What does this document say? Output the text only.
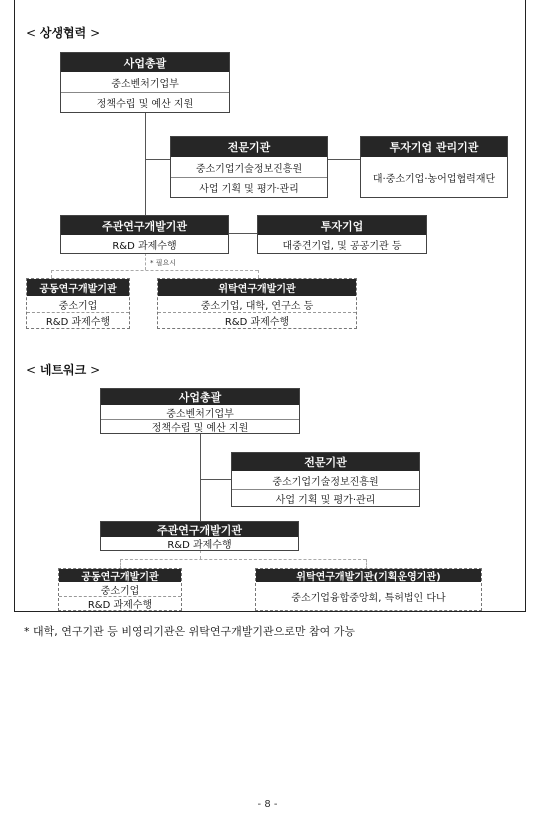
< 상생협력 >
* 필요시
사업총괄
중소벤처기업부
정책수립 및 예산 지원
전문기관
중소기업기술정보진흥원
사업 기획 및 평가·관리
투자기업 관리기관
대·중소기업·농어업협력재단
주관연구개발기관
R&D 과제수행
투자기업
대중견기업, 및 공공기관 등
공동연구개발기관
중소기업
R&D 과제수행
위탁연구개발기관
중소기업, 대학, 연구소 등
R&D 과제수행
< 네트워크 >
사업총괄
중소벤처기업부
정책수립 및 예산 지원
전문기관
중소기업기술정보진흥원
사업 기획 및 평가·관리
주관연구개발기관
R&D 과제수행
공동연구개발기관
중소기업
R&D 과제수행
위탁연구개발기관(기획운영기관)
중소기업융합중앙회, 특허법인 다나
* 대학, 연구기관 등 비영리기관은 위탁연구개발기관으로만 참여 가능
- 8 -
